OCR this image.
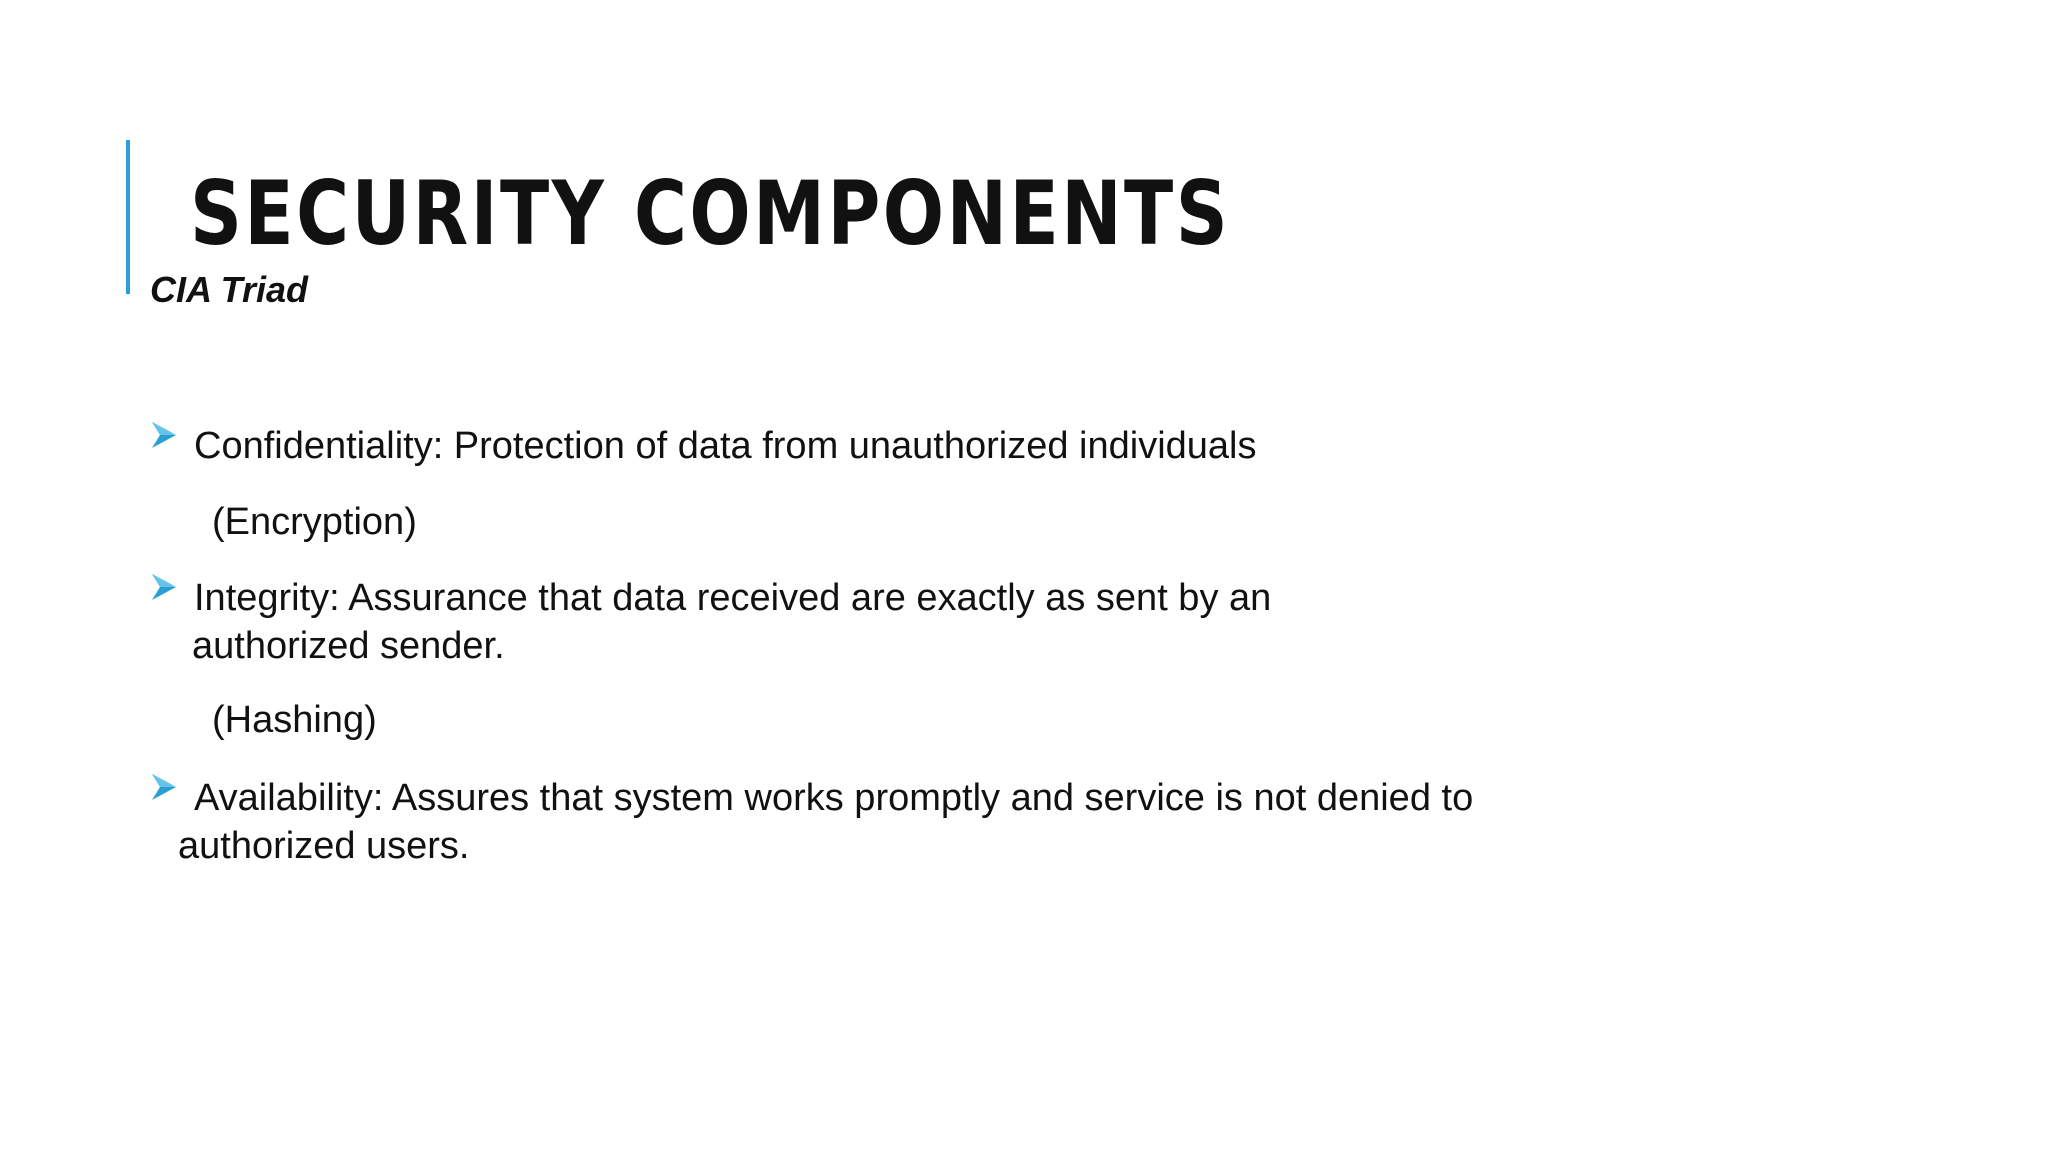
SECURITY COMPONENTS

CIA Triad

Confidentiality: Protection of data from unauthorized individuals
(Encryption)
Integrity: Assurance that data received are exactly as sent by an
authorized sender.
(Hashing)
Availability: Assures that system works promptly and service is not denied to
authorized users.
